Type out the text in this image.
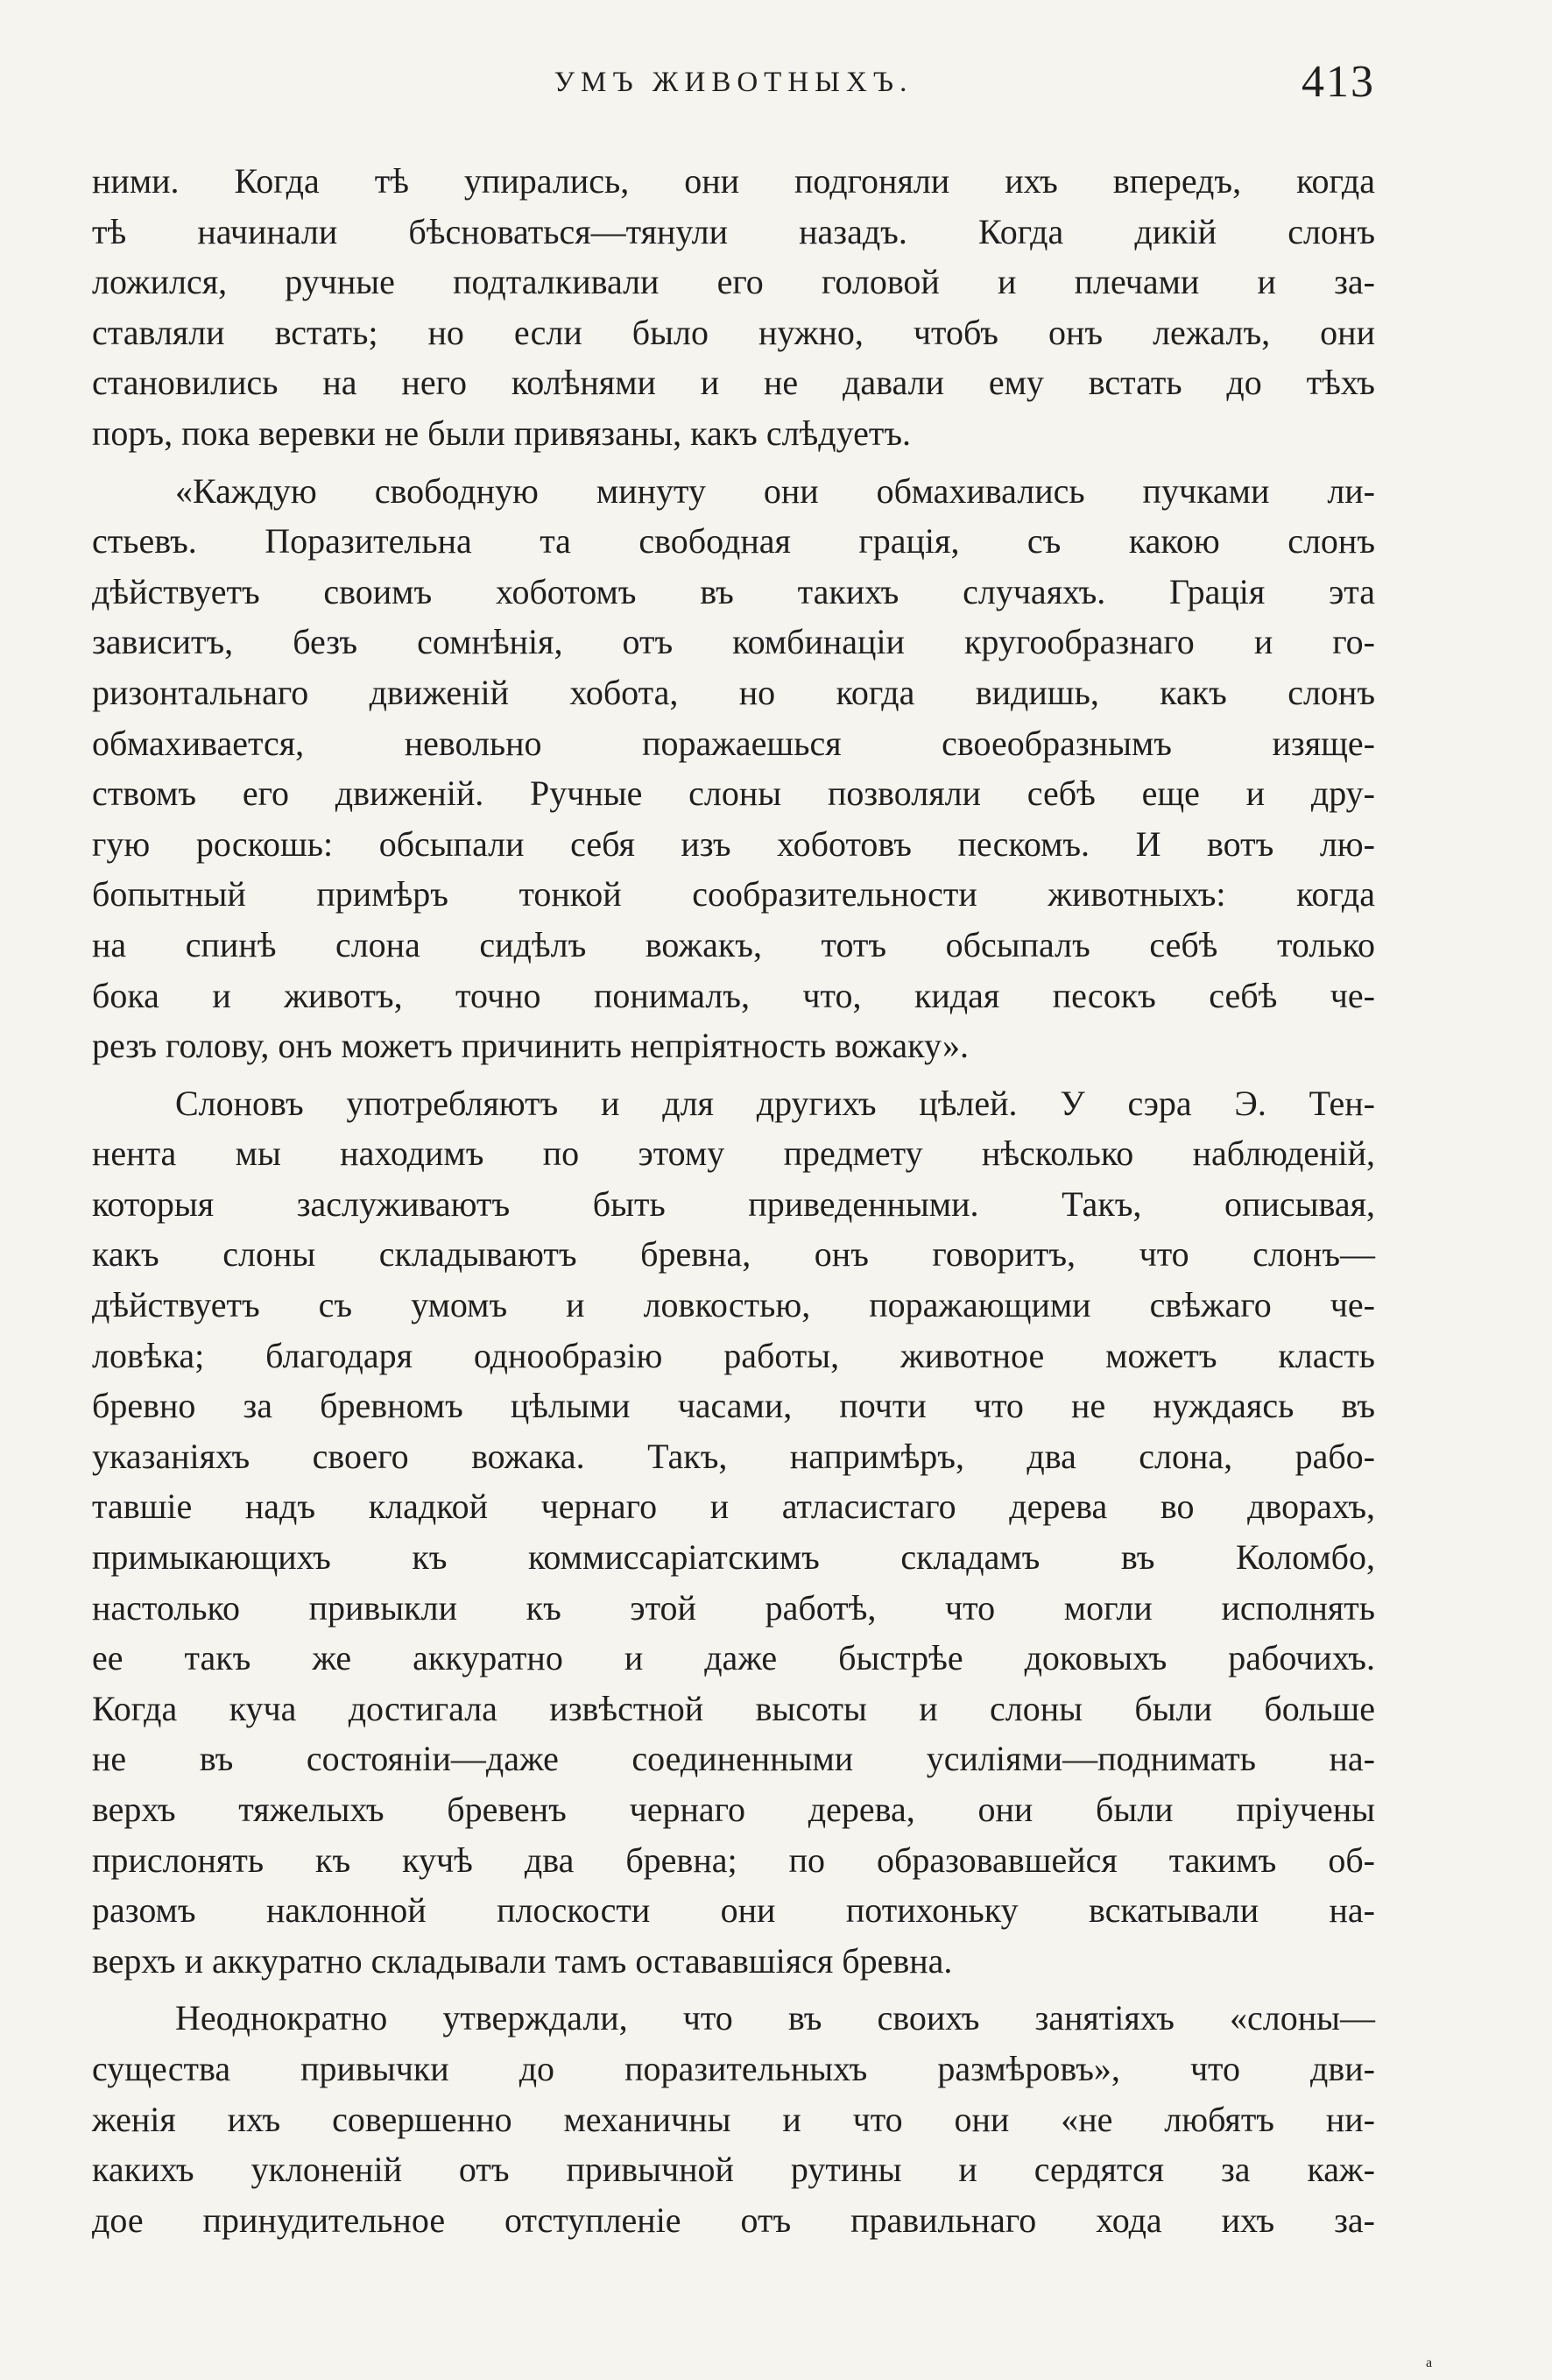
УМЪ ЖИВОТНЫХЪ.	413
ними. Когда тѣ упирались, они подгоняли ихъ впередъ, когда
тѣ начинали бѣсноваться—тянули назадъ. Когда дикій слонъ
ложился, ручные подталкивали его головой и плечами и за-
ставляли встать; но если было нужно, чтобъ онъ лежалъ, они
становились на него колѣнями и не давали ему встать до тѣхъ
поръ, пока веревки не были привязаны, какъ слѣдуетъ.
«Каждую свободную минуту они обмахивались пучками ли-
стьевъ. Поразительна та свободная грація, съ какою слонъ
дѣйствуетъ своимъ хоботомъ въ такихъ случаяхъ. Грація эта
зависитъ, безъ сомнѣнія, отъ комбинаціи кругообразнаго и го-
ризонтальнаго движеній хобота, но когда видишь, какъ слонъ
обмахивается, невольно поражаешься своеобразнымъ изяще-
ствомъ его движеній. Ручные слоны позволяли себѣ еще и дру-
гую роскошь: обсыпали себя изъ хоботовъ пескомъ. И вотъ лю-
бопытный примѣръ тонкой сообразительности животныхъ: когда
на спинѣ слона сидѣлъ вожакъ, тотъ обсыпалъ себѣ только
бока и животъ, точно понималъ, что, кидая песокъ себѣ че-
резъ голову, онъ можетъ причинить непріятность вожаку».
Слоновъ употребляютъ и для другихъ цѣлей. У сэра Э. Тен-
нента мы находимъ по этому предмету нѣсколько наблюденій,
которыя заслуживаютъ быть приведенными. Такъ, описывая,
какъ слоны складываютъ бревна, онъ говоритъ, что слонъ—
дѣйствуетъ съ умомъ и ловкостью, поражающими свѣжаго че-
ловѣка; благодаря однообразію работы, животное можетъ класть
бревно за бревномъ цѣлыми часами, почти что не нуждаясь въ
указаніяхъ своего вожака. Такъ, напримѣръ, два слона, рабо-
тавшіе надъ кладкой чернаго и атласистаго дерева во дворахъ,
примыкающихъ къ коммиссаріатскимъ складамъ въ Коломбо,
настолько привыкли къ этой работѣ, что могли исполнять
ее такъ же аккуратно и даже быстрѣе доковыхъ рабочихъ.
Когда куча достигала извѣстной высоты и слоны были больше
не въ состояніи—даже соединенными усиліями—поднимать на-
верхъ тяжелыхъ бревенъ чернаго дерева, они были пріучены
прислонять къ кучѣ два бревна; по образовавшейся такимъ об-
разомъ наклонной плоскости они потихоньку вскатывали на-
верхъ и аккуратно складывали тамъ остававшіяся бревна.
Неоднократно утверждали, что въ своихъ занятіяхъ «слоны—
существа привычки до поразительныхъ размѣровъ», что дви-
женія ихъ совершенно механичны и что они «не любятъ ни-
какихъ уклоненій отъ привычной рутины и сердятся за каж-
дое принудительное отступленіе отъ правильнаго хода ихъ за-
a
